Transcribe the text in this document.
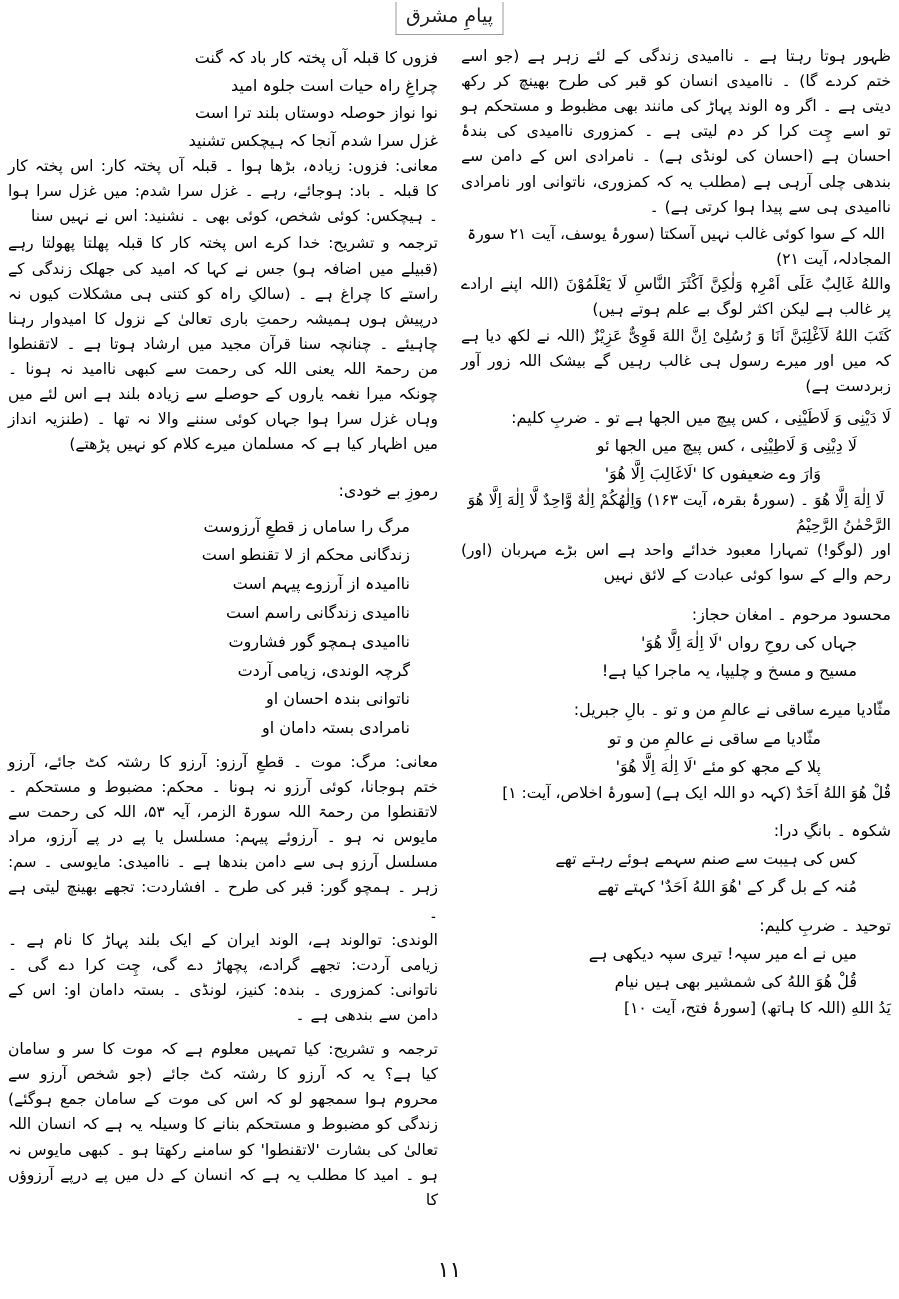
پیامِ مشرق

ظہور ہوتا رہتا ہے ۔ ناامیدی زندگی کے لئے زہر ہے (جو اسے ختم کردے گا) ۔ ناامیدی انسان کو قبر کی طرح بھینچ کر رکھ دیتی ہے ۔ اگر وہ الوند پہاڑ کی مانند بھی مظبوط و مستحکم ہو تو اسے چِت کرا کر دم لیتی ہے ۔ کمزوری ناامیدی کی بندۂ احسان ہے (احسان کی لونڈی ہے) ۔ نامرادی اس کے دامن سے بندھی چلی آرہی ہے (مطلب یہ کہ کمزوری، ناتوانی اور نامرادی ناامیدی ہی سے پیدا ہوا کرتی ہے) ۔

اللہ کے سوا کوئی غالب نہیں آسکتا (سورۂ یوسف، آیت ۲۱ سورۃ المجادلہ، آیت ۲۱)

واللهُ غَالِبٌ عَلَى اَمْرِهٖ وَلٰكِنَّ اَكْثَرَ النَّاسِ لَا يَعْلَمُوْنَ (اللہ اپنے ارادے پر غالب ہے لیکن اکثر لوگ بے علم ہوتے ہیں)

كَتَبَ اللهُ لَاَغْلِبَنَّ اَنَا وَ رُسُلِىْ اِنَّ اللهَ قَوِىٌّ عَزِيْزٌ (اللہ نے لکھ دیا ہے کہ میں اور میرے رسول ہی غالب رہیں گے بیشک اللہ زور آور زبردست ہے)

لَا دَيْنِى وَ لَاطَيْنِى ، کس پیچ میں الجھا ہے تو ۔ ضربِ کلیم:

لَا دِيْنِى وَ لَاطِيْنِى ، کس پیچ میں الجھا ئو

وَارَ وے ضعیفوں کا 'لَاغَالِبَ اِلَّا هُوَ'

لَا اِلٰهَ اِلَّا هُوَ ۔ (سورۂ بقرہ، آیت ۱۶۳) وَاِلٰهُكُمْ اِلٰهٌ وَّاحِدٌ لَّا اِلٰهَ اِلَّا هُوَ الرَّحْمٰنُ الرَّحِيْمُ

اور (لوگو!) تمہارا معبود خدائے واحد ہے اس بڑے مہربان (اور) رحم والے کے سوا کوئی عبادت کے لائق نہیں

محسود مرحوم ۔ امغان حجاز:

جہاں کی روحِ رواں 'لَا اِلٰهَ اِلَّا هُوَ'

مسیح و مسخ و چلیپا، یہ ماجرا کیا ہے!

مثّادیا میرے ساقی نے عالمِ من و تو ۔ بالِ جبریل:

مثّادیا مے ساقی نے عالمِ من و تو

پلا کے مجھ کو مئے 'لَا اِلٰهَ اِلَّا هُوَ'

قُلْ هُوَ اللهُ اَحَدٌ (کہہ دو اللہ ایک ہے) [سورۂ اخلاص، آیت: ۱]

شکوہ ۔ بانگِ درا:

کس کی ہیبت سے صنم سہمے ہوئے رہتے تھے

مُنہ کے بل گر کے 'هُوَ اللهُ اَحَدٌ' کہتے تھے

توحید ۔ ضربِ کلیم:

میں نے اے میر سپہ! تیری سپہ دیکھی ہے

قُلْ هُوَ اللهُ کی شمشیر بھی ہیں نیام

يَدُ اللهِ (اللہ کا ہاتھ) [سورۂ فتح، آیت ۱۰]

فزوں کا قبلہ آں پختہ کار باد کہ گنت

چراغِ راہ حیات است جلوہ امید

نوا نواز حوصلہ دوستاں بلند ترا است

غزل سرا شدم آنجا کہ ہیچکس تشنید

معانی: فزوں: زیادہ، بڑھا ہوا ۔ قبلہ آں پختہ کار: اس پختہ کار کا قبلہ ۔ باد: ہوجائے، رہے ۔ غزل سرا شدم: میں غزل سرا ہوا ۔ ہیچکس: کوئی شخص، کوئی بھی ۔ نشنید: اس نے نہیں سنا

ترجمہ و تشریح: خدا کرے اس پختہ کار کا قبلہ پھلتا پھولتا رہے (قبیلے میں اضافہ ہو) جس نے کہا کہ امید کی جھلک زندگی کے راستے کا چراغ ہے ۔ (سالکِ راہ کو کتنی ہی مشکلات کیوں نہ درپیش ہوں ہمیشہ رحمتِ باری تعالیٰ کے نزول کا امیدوار رہنا چاہیئے ۔ چنانچہ سنا قرآن مجید میں ارشاد ہوتا ہے ۔ لاتقنطوا من رحمۃ اللہ یعنی اللہ کی رحمت سے کبھی ناامید نہ ہونا ۔ چونکہ میرا نغمہ یاروں کے حوصلے سے زیادہ بلند ہے اس لئے میں وہاں غزل سرا ہوا جہاں کوئی سننے والا نہ تھا ۔ (طنزیہ انداز میں اظہار کیا ہے کہ مسلمان میرے کلام کو نہیں پڑھتے)

رموزِ بے خودی:

مرگ را ساماں ز قطعِ آرزوست

زندگانی محکم از لا تقنطو است

ناامیدہ از آرزوے پیہم است

ناامیدی زندگانی راسم است

ناامیدی ہمچو گور فشاروت

گرچہ الوندی، زیامی آردت

ناتوانی بندہ احسان او

نامرادی بستہ دامان او

معانی: مرگ: موت ۔ قطعِ آرزو: آرزو کا رشتہ کٹ جائے، آرزو ختم ہوجانا، کوئی آرزو نہ ہونا ۔ محکم: مضبوط و مستحکم ۔ لاتقنطوا من رحمۃ اللہ سورۃ الزمر، آیہ ۵۳، اللہ کی رحمت سے مایوس نہ ہو ۔ آرزوئے پیہم: مسلسل یا پے در پے آرزو، مراد مسلسل آرزو ہی سے دامن بندھا ہے ۔ ناامیدی: مایوسی ۔ سم: زہر ۔ ہمچو گور: قبر کی طرح ۔ افشاردت: تجھے بھینچ لیتی ہے ۔

الوندی: توالوند ہے، الوند ایران کے ایک بلند پہاڑ کا نام ہے ۔ زیامی آردت: تجھے گرادے، پچھاڑ دے گی، چِت کرا دے گی ۔ ناتوانی: کمزوری ۔ بندہ: کنیز، لونڈی ۔ بستہ دامان او: اس کے دامن سے بندھی ہے ۔

ترجمہ و تشریح: کیا تمہیں معلوم ہے کہ موت کا سر و سامان کیا ہے؟ یہ کہ آرزو کا رشتہ کٹ جائے (جو شخص آرزو سے محروم ہوا سمجھو لو کہ اس کی موت کے سامان جمع ہوگئے) زندگی کو مضبوط و مستحکم بنانے کا وسیلہ یہ ہے کہ انسان اللہ تعالیٰ کی بشارت 'لاتقنطوا' کو سامنے رکھتا ہو ۔ کبھی مایوس نہ ہو ۔ امید کا مطلب یہ ہے کہ انسان کے دل میں پے درپے آرزوؤں کا

۱۱
